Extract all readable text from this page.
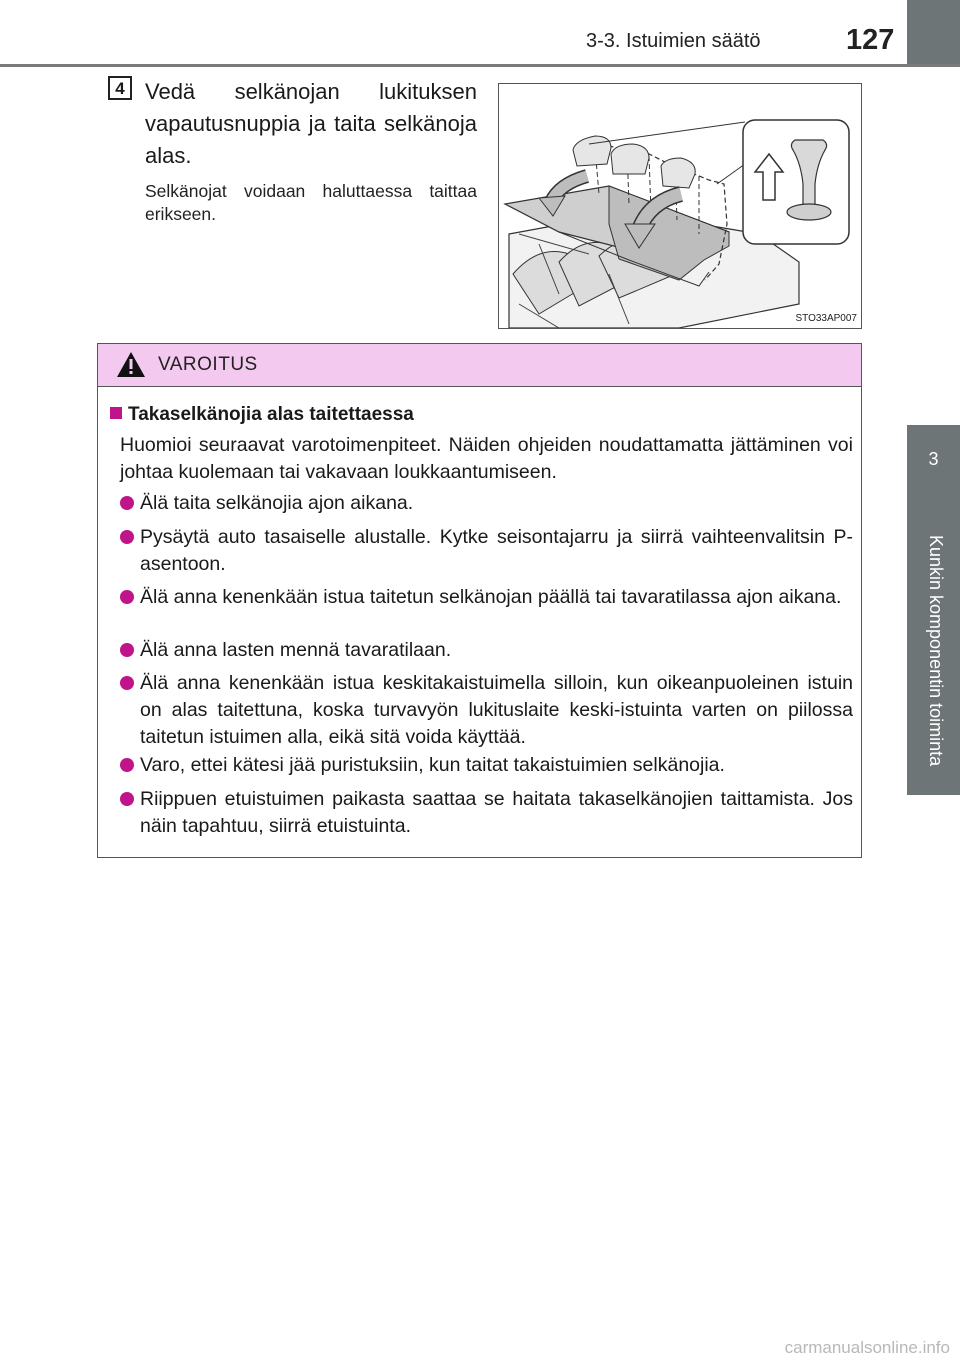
3-3. Istuimien säätö	127
3
Kunkin komponentin toiminta
4 Vedä selkänojan lukituksen vapautusnuppia ja taita selkänoja alas.
Selkänojat voidaan haluttaessa taittaa erikseen.
STO33AP007
VAROITUS
Takaselkänojia alas taitettaessa
Huomioi seuraavat varotoimenpiteet. Näiden ohjeiden noudattamatta jättäminen voi johtaa kuolemaan tai vakavaan loukkaantumiseen.
Älä taita selkänojia ajon aikana.
Pysäytä auto tasaiselle alustalle. Kytke seisontajarru ja siirrä vaihteenvalitsin P-asentoon.
Älä anna kenenkään istua taitetun selkänojan päällä tai tavaratilassa ajon aikana.
Älä anna lasten mennä tavaratilaan.
Älä anna kenenkään istua keskitakaistuimella silloin, kun oikeanpuoleinen istuin on alas taitettuna, koska turvavyön lukituslaite keski-istuinta varten on piilossa taitetun istuimen alla, eikä sitä voida käyttää.
Varo, ettei kätesi jää puristuksiin, kun taitat takaistuimien selkänojia.
Riippuen etuistuimen paikasta saattaa se haitata takaselkänojien taittamista. Jos näin tapahtuu, siirrä etuistuinta.
carmanualsonline.info
